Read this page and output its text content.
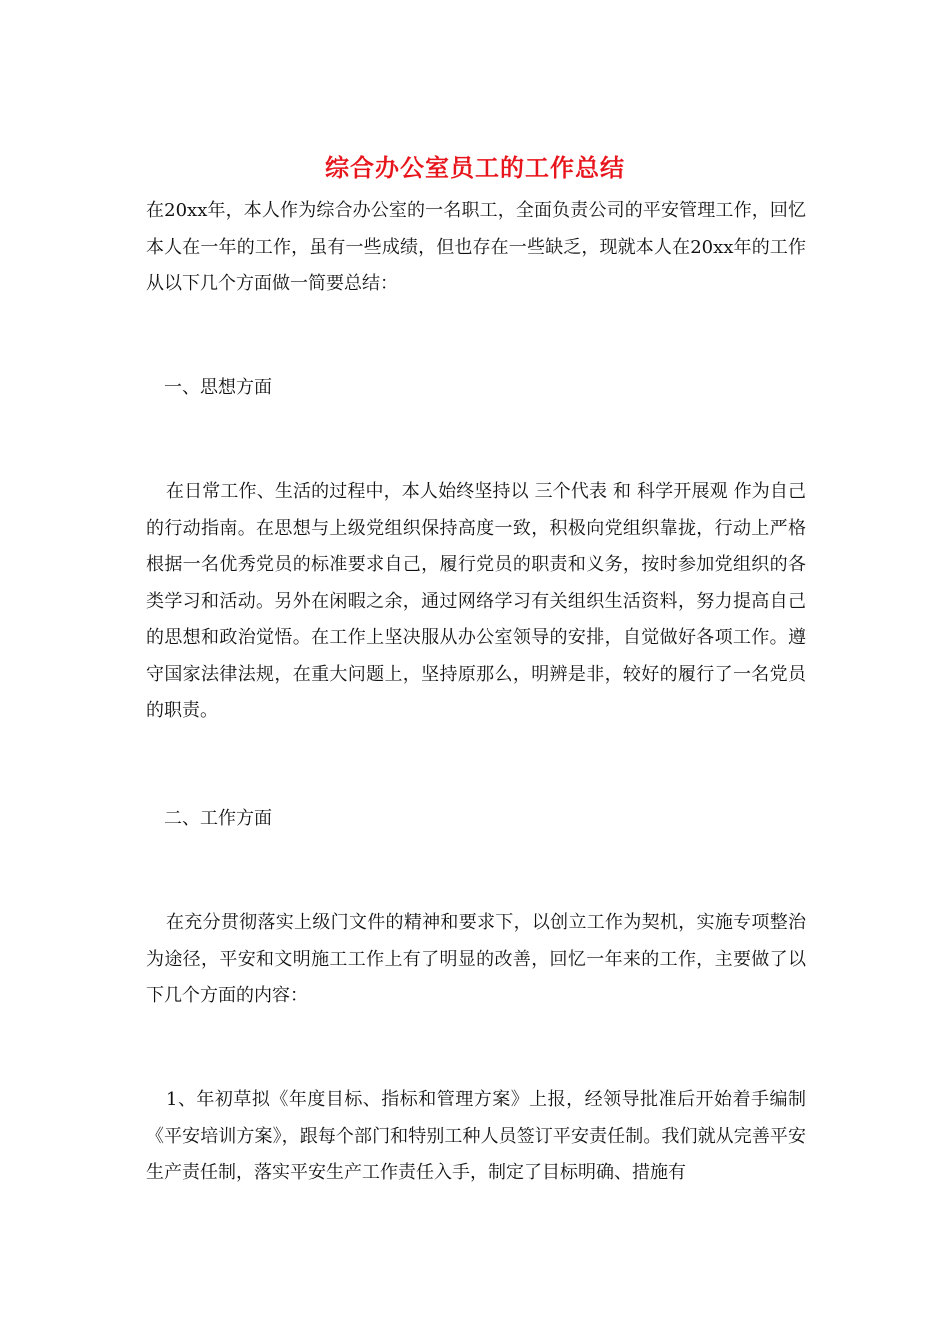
综合办公室员工的工作总结
在20xx年，本人作为综合办公室的一名职工，全面负责公司的平安管理工作，回忆本人在一年的工作，虽有一些成绩，但也存在一些缺乏，现就本人在20xx年的工作从以下几个方面做一简要总结：
一、思想方面
在日常工作、生活的过程中，本人始终坚持以 三个代表 和 科学开展观 作为自己的行动指南。在思想与上级党组织保持高度一致，积极向党组织靠拢，行动上严格根据一名优秀党员的标准要求自己，履行党员的职责和义务，按时参加党组织的各类学习和活动。另外在闲暇之余，通过网络学习有关组织生活资料，努力提高自己的思想和政治觉悟。在工作上坚决服从办公室领导的安排，自觉做好各项工作。遵守国家法律法规，在重大问题上，坚持原那么，明辨是非，较好的履行了一名党员的职责。
二、工作方面
在充分贯彻落实上级门文件的精神和要求下，以创立工作为契机，实施专项整治为途径，平安和文明施工工作上有了明显的改善，回忆一年来的工作，主要做了以下几个方面的内容：
1、年初草拟《年度目标、指标和管理方案》上报，经领导批准后开始着手编制《平安培训方案》，跟每个部门和特别工种人员签订平安责任制。我们就从完善平安生产责任制，落实平安生产工作责任入手，制定了目标明确、措施有
